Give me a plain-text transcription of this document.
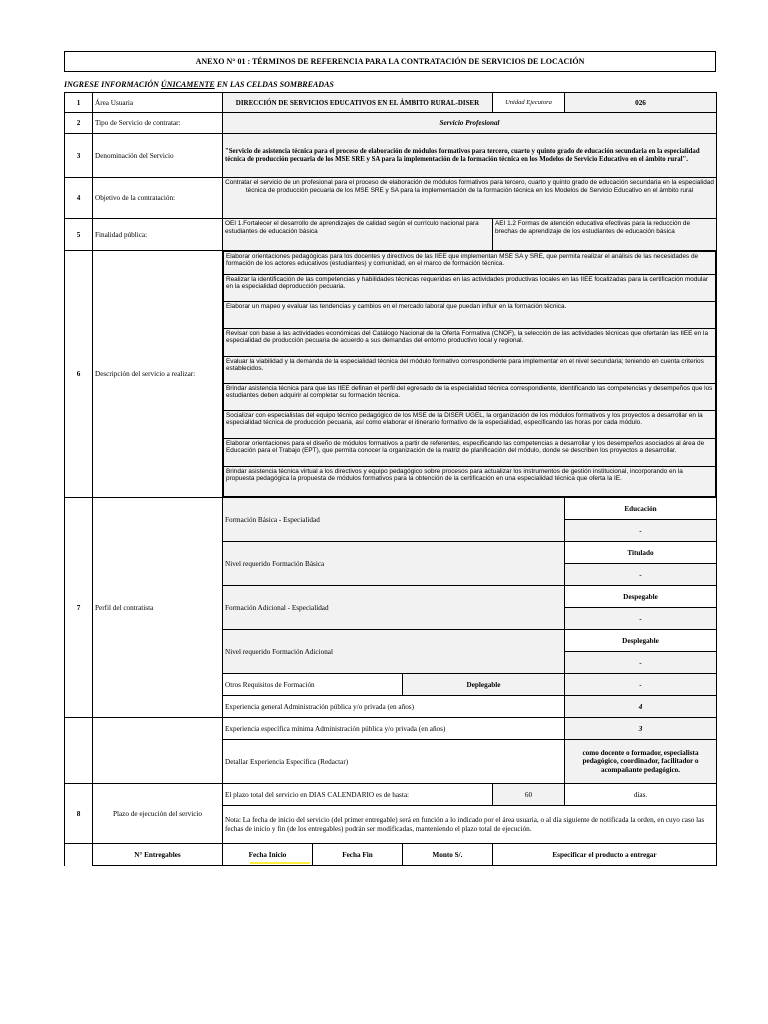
ANEXO N° 01 : TÉRMINOS DE REFERENCIA PARA LA CONTRATACIÓN DE SERVICIOS DE LOCACIÓN
INGRESE INFORMACIÓN ÚNICAMENTE EN LAS CELDAS SOMBREADAS
1	Área Usuaria	DIRECCIÓN DE SERVICIOS EDUCATIVOS EN EL ÁMBITO RURAL-DISER	Unidad Ejecutora	026
2	Tipo de Servicio de contratar:	Servicio Profesional
3	Denominación del Servicio	"Servicio de asistencia técnica para el proceso de elaboración de módulos formativos para tercero, cuarto y quinto grado de educación secundaria en la especialidad técnica de producción pecuaria de los MSE SRE y SA para la implementación de la formación técnica en los Modelos de Servicio Educativo en el ámbito rural".
4	Objetivo de la contratación:	Contratar el servicio de un profesional para el proceso de elaboración de módulos formativos para tercero, cuarto y quinto grado de educación secundaria en la especialidad técnica de producción pecuaria de los MSE SRE y SA para la implementación de la formación técnica en los Modelos de Servicio Educativo en el ámbito rural
5	Finalidad pública:	OEI 1.Fortalecer el desarrollo de aprendizajes de calidad según el currículo nacional para estudiantes de educación básica	AEI 1.2 Formas de atención educativa efectivas para la reducción de brechas de aprendizaje de los estudiantes de educación básica
6	Descripción del servicio a realizar:	
Elaborar orientaciones pedagógicas para los docentes y directivos de las IIEE que implementan MSE SA y SRE, que permita realizar el análisis de las necesidades de formación de los actores educativos (estudiantes) y comunidad, en el marco de formación técnica.
Realizar la identificación de las competencias y habilidades técnicas requeridas en las actividades productivas locales en las IIEE focalizadas para la certificación modular en la especialidad deproducción pecuaria.
Elaborar un mapeo y evaluar las tendencias y cambios en el mercado laboral que puedan influir en la formación técnica.
Revisar con base a las actividades económicas del Catálogo Nacional de la Oferta Formativa (CNOF), la selección de las actividades técnicas que ofertarán las IIEE en la especialidad de producción pecuaria de acuerdo a sus demandas del entorno productivo local y regional.
Evaluar la viabilidad y la demanda de la especialidad técnica del módulo formativo correspondiente para implementar en el nivel secundaria; teniendo en cuenta criterios establecidos.
Brindar asistencia técnica para que las IIEE definan el perfil del egresado de la especialidad técnica correspondiente, identificando las competencias y desempeños que los estudiantes deben adquirir al completar su formación técnica.
Socializar con especialistas del equipo técnico pedagógico de los MSE de la DISER UGEL, la organización de los módulos formativos y los proyectos a desarrollar en la especialidad técnica de producción pecuaria, así como elaborar el itinerario formativo de la especialidad, especificando las horas por cada módulo.
Elaborar orientaciones para el diseño de módulos formativos a partir de referentes, especificando las competencias a desarrollar y los desempeños asociados al área de Educación para el Trabajo (EPT), que permita conocer la organización de la matriz de planificación del módulo, donde se describen los proyectos a desarrollar.
Brindar asistencia técnica virtual a los directivos y equipo pedagógico sobre procesos para actualizar los instrumentos de gestión institucional, incorporando en la propuesta pedagógica la propuesta de módulos formativos para la obtención de la certificación en una especialidad técnica que oferta la IE.

7	Perfil del contratista	Formación Básica - Especialidad	Educación
-
Nivel requerido Formación Básica	Titulado
-
Formación Adicional - Especialidad	Despegable
-
Nivel requerido Formación Adicional	Desplegable
-
Otros Requisitos de Formación	Deplegable	-
Experiencia general Administración pública y/o privada (en años)	4
		Experiencia específica mínima Administración pública y/o privada (en años)	3
		Detallar Experiencia Específica (Redactar)	como docente o formador, especialista pedagógico, coordinador, facilitador o acompañante pedagógico.
8	Plazo de ejecución del servicio	El plazo total del servicio en DIAS CALENDARIO es de hasta:	60	días.
Nota: La fecha de inicio del servicio (del primer entregable) será en función a lo indicado por el área usuaria, o al día siguiente de notificada la orden, en cuyo caso las fechas de inicio y fin (de los entregables) podrán ser modificadas, manteniendo el plazo total de ejecución.
	N° Entregables	Fecha Inicio	Fecha Fin	Monto S/.	Especificar el producto a entregar
